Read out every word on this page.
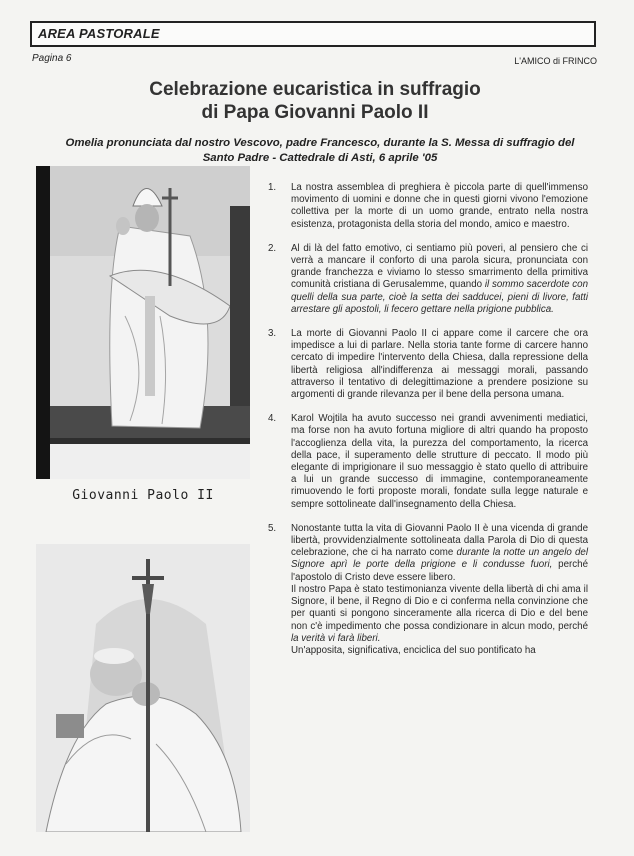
AREA PASTORALE
Pagina 6	L'AMICO di FRINCO
Celebrazione eucaristica in suffragio
di Papa Giovanni Paolo II
Omelia pronunciata dal nostro Vescovo, padre Francesco, durante la S. Messa di suffragio del
Santo Padre - Cattedrale di Asti, 6 aprile '05
Giovanni Paolo II
1.	La nostra assemblea di preghiera è piccola parte di quell'immenso movimento di uomini e donne che in questi giorni vivono l'emozione collettiva per la morte di un uomo grande, entrato nella nostra esistenza, protagonista della storia del mondo, amico e maestro.

2.	Al di là del fatto emotivo, ci sentiamo più poveri, al pensiero che ci verrà a mancare il conforto di una parola sicura, pronunciata con grande franchezza e viviamo lo stesso smarrimento della primitiva comunità cristiana di Gerusalemme, quando il sommo sacerdote con quelli della sua parte, cioè la setta dei sadducei, pieni di livore, fatti arrestare gli apostoli, li fecero gettare nella prigione pubblica.

3.	La morte di Giovanni Paolo II ci appare come il carcere che ora impedisce a lui di parlare. Nella storia tante forme di carcere hanno cercato di impedire l'intervento della Chiesa, dalla repressione della libertà religiosa all'indifferenza ai messaggi morali, passando attraverso il tentativo di delegittimazione a prendere posizione su argomenti di grande rilevanza per il bene della persona umana.

4.	Karol Wojtila ha avuto successo nei grandi avvenimenti mediatici, ma forse non ha avuto fortuna migliore di altri quando ha proposto l'accoglienza della vita, la purezza del comportamento, la ricerca della pace, il superamento delle strutture di peccato. Il modo più elegante di imprigionare il suo messaggio è stato quello di attribuire a lui un grande successo di immagine, contemporaneamente rimuovendo le forti proposte morali, fondate sulla legge naturale e sempre sottolineate dall'insegnamento della Chiesa.

5.	Nonostante tutta la vita di Giovanni Paolo II è una vicenda di grande libertà, provvidenzialmente sottolineata dalla Parola di Dio di questa celebrazione, che ci ha narrato come durante la notte un angelo del Signore aprì le porte della prigione e li condusse fuori, perché l'apostolo di Cristo deve essere libero.

Il nostro Papa è stato testimonianza vivente della libertà di chi ama il Signore, il bene, il Regno di Dio e ci conferma nella convinzione che per quanti si pongono sinceramente alla ricerca di Dio e del bene non c'è impedimento che possa condizionare in alcun modo, perché la verità vi farà liberi.

Un'apposita, significativa, enciclica del suo pontificato ha
